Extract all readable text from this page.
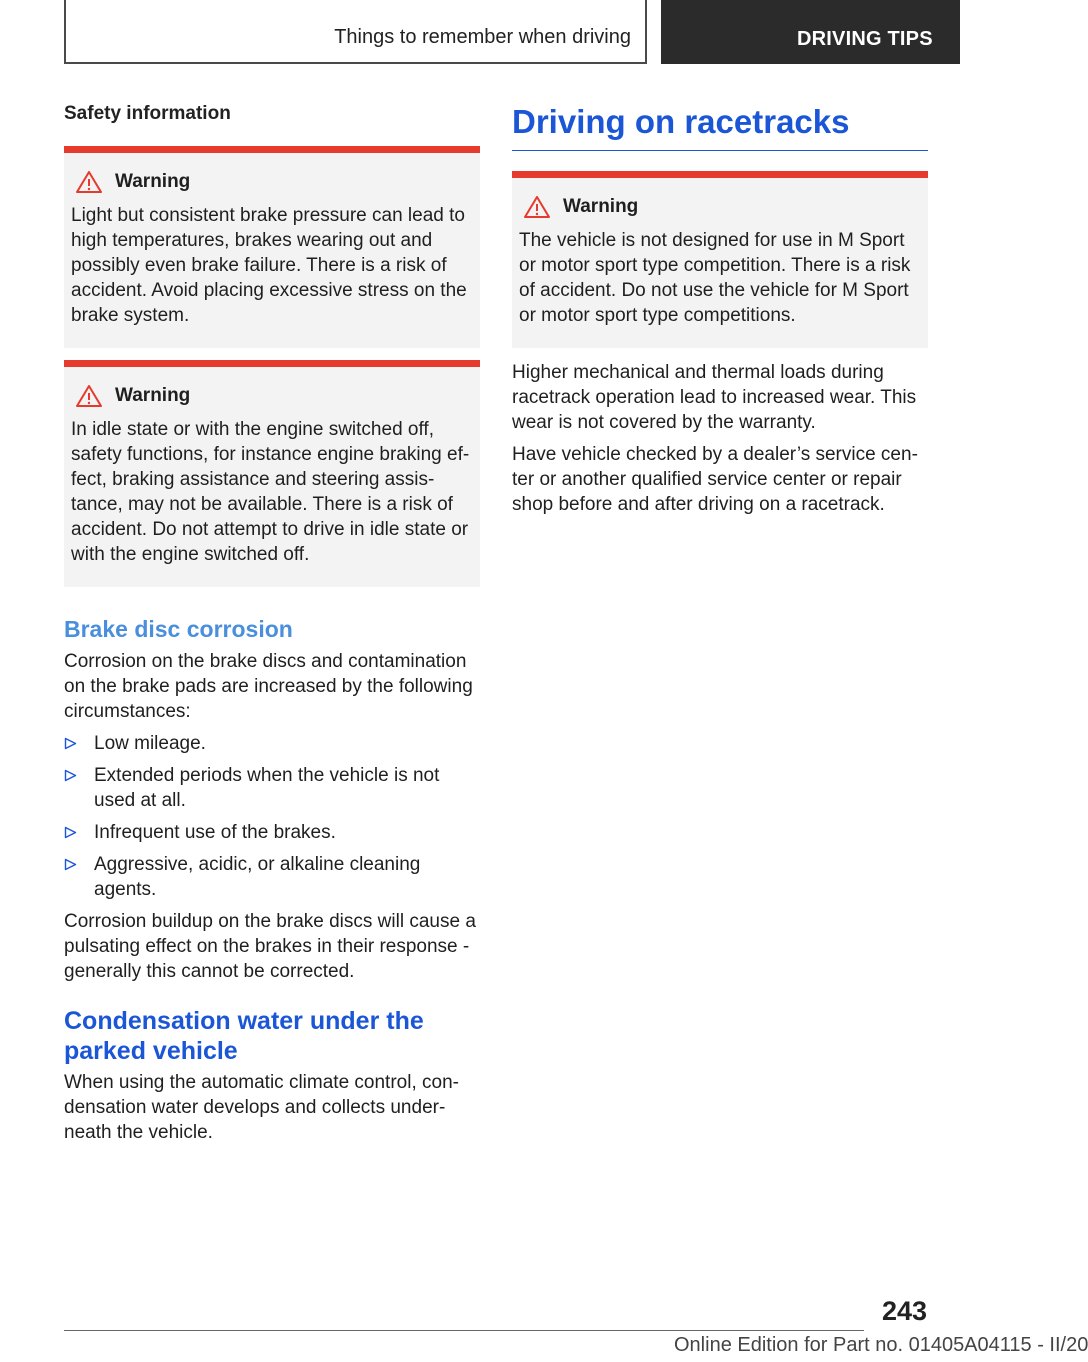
Things to remember when driving	DRIVING TIPS
Safety information
Warning

Light but consistent brake pressure can lead to high temperatures, brakes wearing out and possibly even brake failure. There is a risk of accident. Avoid placing excessive stress on the brake system.

Warning

In idle state or with the engine switched off, safety functions, for instance engine braking ef‐ fect, braking assistance and steering assis‐ tance, may not be available. There is a risk of accident. Do not attempt to drive in idle state or with the engine switched off.

Brake disc corrosion

Corrosion on the brake discs and contamination on the brake pads are increased by the following circumstances:

Low mileage.
Extended periods when the vehicle is not used at all.
Infrequent use of the brakes.
Aggressive, acidic, or alkaline cleaning agents.

Corrosion buildup on the brake discs will cause a pulsating effect on the brakes in their response - generally this cannot be corrected.

Condensation water under the parked vehicle

When using the automatic climate control, con‐ densation water develops and collects under‐ neath the vehicle.

Driving on racetracks
Warning

The vehicle is not designed for use in M Sport or motor sport type competition. There is a risk of accident. Do not use the vehicle for M Sport or motor sport type competitions.

Higher mechanical and thermal loads during racetrack operation lead to increased wear. This wear is not covered by the warranty.

Have vehicle checked by a dealer’s service cen‐ ter or another qualified service center or repair shop before and after driving on a racetrack.

243
Online Edition for Part no. 01405A04115 - II/20
